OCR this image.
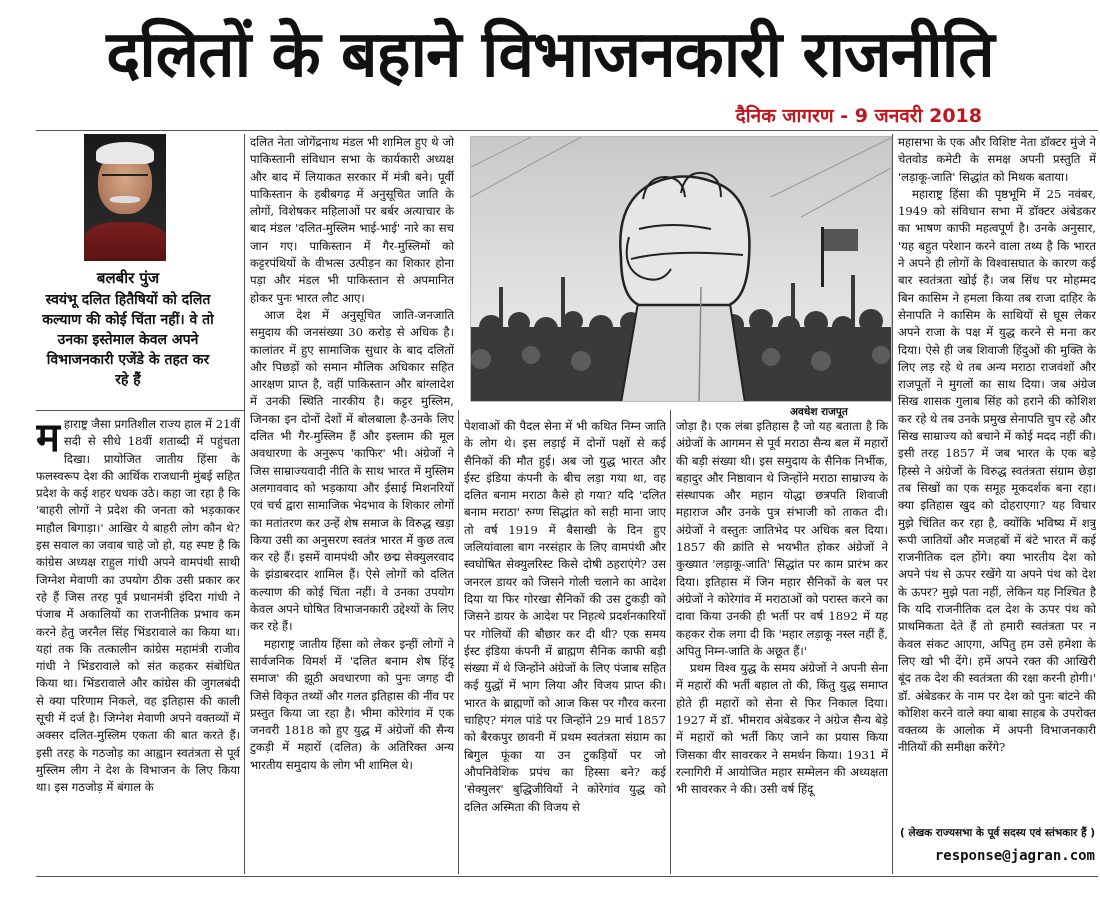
दलितों के बहाने विभाजनकारी राजनीति
दैनिक जागरण - 9 जनवरी 2018
बलबीर पुंज
स्वयंभू दलित हितैषियों को दलित कल्याण की कोई चिंता नहीं। वे तो उनका इस्तेमाल केवल अपने विभाजनकारी एजेंडे के तहत कर रहे हैं
अवधेश राजपूत

महाराष्ट्र जैसा प्रगतिशील राज्य हाल में 21वीं सदी से सीधे 18वीं शताब्दी में पहुंचता दिखा। प्रायोजित जातीय हिंसा के फलस्वरूप देश की आर्थिक राजधानी मुंबई सहित प्रदेश के कई शहर धधक उठे। कहा जा रहा है कि 'बाहरी लोगों ने प्रदेश की जनता को भड़काकर माहौल बिगाड़ा।' आखिर ये बाहरी लोग कौन थे? इस सवाल का जवाब चाहे जो हो, यह स्पष्ट है कि कांग्रेस अध्यक्ष राहुल गांधी अपने वामपंथी साथी जिग्नेश मेवाणी का उपयोग ठीक उसी प्रकार कर रहे हैं जिस तरह पूर्व प्रधानमंत्री इंदिरा गांधी ने पंजाब में अकालियों का राजनीतिक प्रभाव कम करने हेतु जरनैल सिंह भिंडरावाले का किया था। यहां तक कि तत्कालीन कांग्रेस महामंत्री राजीव गांधी ने भिंडरावाले को संत कहकर संबोधित किया था। भिंडरावाले और कांग्रेस की जुगलबंदी से क्या परिणाम निकले, वह इतिहास की काली सूची में दर्ज है। जिग्नेश मेवाणी अपने वक्तव्यों में अक्सर दलित-मुस्लिम एकता की बात करते हैं। इसी तरह के गठजोड़ का आह्वान स्वतंत्रता से पूर्व मुस्लिम लीग ने देश के विभाजन के लिए किया था। इस गठजोड़ में बंगाल के

दलित नेता जोगेंद्रनाथ मंडल भी शामिल हुए थे जो पाकिस्तानी संविधान सभा के कार्यकारी अध्यक्ष और बाद में लियाकत सरकार में मंत्री बने। पूर्वी पाकिस्तान के हबीबगढ़ में अनुसूचित जाति के लोगों, विशेषकर महिलाओं पर बर्बर अत्याचार के बाद मंडल 'दलित-मुस्लिम भाई-भाई' नारे का सच जान गए। पाकिस्तान में गैर-मुस्लिमों को कट्टरपंथियों के वीभत्स उत्पीड़न का शिकार होना पड़ा और मंडल भी पाकिस्तान से अपमानित होकर पुनः भारत लौट आए।

आज देश में अनुसूचित जाति-जनजाति समुदाय की जनसंख्या 30 करोड़ से अधिक है। कालांतर में हुए सामाजिक सुधार के बाद दलितों और पिछड़ों को समान मौलिक अधिकार सहित आरक्षण प्राप्त है, वहीं पाकिस्तान और बांग्लादेश में उनकी स्थिति नारकीय है। कट्टर मुस्लिम, जिनका इन दोनों देशों में बोलबाला है-उनके लिए दलित भी गैर-मुस्लिम हैं और इस्लाम की मूल अवधारणा के अनुरूप 'काफिर' भी। अंग्रेजों ने जिस साम्राज्यवादी नीति के साथ भारत में मुस्लिम अलगाववाद को भड़काया और ईसाई मिशनरियों एवं चर्च द्वारा सामाजिक भेदभाव के शिकार लोगों का मतांतरण कर उन्हें शेष समाज के विरुद्ध खड़ा किया उसी का अनुसरण स्वतंत्र भारत में कुछ तत्व कर रहे हैं। इसमें वामपंथी और छद्म सेक्युलरवाद के झंडाबरदार शामिल हैं। ऐसे लोगों को दलित कल्याण की कोई चिंता नहीं। वे उनका उपयोग केवल अपने घोषित विभाजनकारी उद्देश्यों के लिए कर रहे हैं।

महाराष्ट्र जातीय हिंसा को लेकर इन्हीं लोगों ने सार्वजनिक विमर्श में 'दलित बनाम शेष हिंदू समाज' की झूठी अवधारणा को पुनः जगह दी जिसे विकृत तथ्यों और गलत इतिहास की नींव पर प्रस्तुत किया जा रहा है। भीमा कोरेगांव में एक जनवरी 1818 को हुए युद्ध में अंग्रेजों की सैन्य टुकड़ी में महारों (दलित) के अतिरिक्त अन्य भारतीय समुदाय के लोग भी शामिल थे।

पेशवाओं की पैदल सेना में भी कथित निम्न जाति के लोग थे। इस लड़ाई में दोनों पक्षों से कई सैनिकों की मौत हुई। अब जो युद्ध भारत और ईस्ट इंडिया कंपनी के बीच लड़ा गया था, वह दलित बनाम मराठा कैसे हो गया? यदि 'दलित बनाम मराठा' रुग्ण सिद्धांत को सही माना जाए तो वर्ष 1919 में बैसाखी के दिन हुए जलियांवाला बाग नरसंहार के लिए वामपंथी और स्वघोषित सेक्युलरिस्ट किसे दोषी ठहराएंगे? उस जनरल डायर को जिसने गोली चलाने का आदेश दिया या फिर गोरखा सैनिकों की उस टुकड़ी को जिसने डायर के आदेश पर निहत्थे प्रदर्शनकारियों पर गोलियों की बौछार कर दी थी? एक समय ईस्ट इंडिया कंपनी में ब्राह्मण सैनिक काफी बड़ी संख्या में थे जिन्होंने अंग्रेजों के लिए पंजाब सहित कई युद्धों में भाग लिया और विजय प्राप्त की। भारत के ब्राह्मणों को आज किस पर गौरव करना चाहिए? मंगल पांडे पर जिन्होंने 29 मार्च 1857 को बैरकपुर छावनी में प्रथम स्वतंत्रता संग्राम का बिगुल फूंका या उन टुकड़ियों पर जो औपनिवेशिक प्रपंच का हिस्सा बने? कई 'सेक्युलर' बुद्धिजीवियों ने कोरेगांव युद्ध को दलित अस्मिता की विजय से

जोड़ा है। एक लंबा इतिहास है जो यह बताता है कि अंग्रेजों के आगमन से पूर्व मराठा सैन्य बल में महारों की बड़ी संख्या थी। इस समुदाय के सैनिक निर्भीक, बहादुर और निष्ठावान थे जिन्होंने मराठा साम्राज्य के संस्थापक और महान योद्धा छत्रपति शिवाजी महाराज और उनके पुत्र संभाजी को ताकत दी। अंग्रेजों ने वस्तुतः जातिभेद पर अधिक बल दिया। 1857 की क्रांति से भयभीत होकर अंग्रेजों ने कुख्यात 'लड़ाकू-जाति' सिद्धांत पर काम प्रारंभ कर दिया। इतिहास में जिन महार सैनिकों के बल पर अंग्रेजों ने कोरेगांव में मराठाओं को परास्त करने का दावा किया उनकी ही भर्ती पर वर्ष 1892 में यह कहकर रोक लगा दी कि 'महार लड़ाकू नस्ल नहीं हैं, अपितु निम्न-जाति के अछूत हैं।'

प्रथम विश्व युद्ध के समय अंग्रेजों ने अपनी सेना में महारों की भर्ती बहाल तो की, किंतु युद्ध समाप्त होते ही महारों को सेना से फिर निकाल दिया। 1927 में डॉ. भीमराव अंबेडकर ने अंग्रेज सैन्य बेड़े में महारों को भर्ती किए जाने का प्रयास किया जिसका वीर सावरकर ने समर्थन किया। 1931 में रत्नागिरी में आयोजित महार सम्मेलन की अध्यक्षता भी सावरकर ने की। उसी वर्ष हिंदू

महासभा के एक और विशिष्ट नेता डॉक्टर मुंजे ने चेतवोड कमेटी के समक्ष अपनी प्रस्तुति में 'लड़ाकू-जाति' सिद्धांत को मिथक बताया।

महाराष्ट्र हिंसा की पृष्ठभूमि में 25 नवंबर, 1949 को संविधान सभा में डॉक्टर अंबेडकर का भाषण काफी महत्वपूर्ण है। उनके अनुसार, 'यह बहुत परेशान करने वाला तथ्य है कि भारत ने अपने ही लोगों के विश्वासघात के कारण कई बार स्वतंत्रता खोई है। जब सिंध पर मोहम्मद बिन कासिम ने हमला किया तब राजा दाहिर के सेनापति ने कासिम के साथियों से घूस लेकर अपने राजा के पक्ष में युद्ध करने से मना कर दिया। ऐसे ही जब शिवाजी हिंदुओं की मुक्ति के लिए लड़ रहे थे तब अन्य मराठा राजवंशों और राजपूतों ने मुगलों का साथ दिया। जब अंग्रेज सिख शासक गुलाब सिंह को हराने की कोशिश कर रहे थे तब उनके प्रमुख सेनापति चुप रहे और सिख साम्राज्य को बचाने में कोई मदद नहीं की। इसी तरह 1857 में जब भारत के एक बड़े हिस्से ने अंग्रेजों के विरुद्ध स्वतंत्रता संग्राम छेड़ा तब सिखों का एक समूह मूकदर्शक बना रहा। क्या इतिहास खुद को दोहराएगा? यह विचार मुझे चिंतित कर रहा है, क्योंकि भविष्य में शत्रु रूपी जातियों और मजहबों में बंटे भारत में कई राजनीतिक दल होंगे। क्या भारतीय देश को अपने पंथ से ऊपर रखेंगे या अपने पंथ को देश के ऊपर? मुझे पता नहीं, लेकिन यह निश्चित है कि यदि राजनीतिक दल देश के ऊपर पंथ को प्राथमिकता देते हैं तो हमारी स्वतंत्रता पर न केवल संकट आएगा, अपितु हम उसे हमेशा के लिए खो भी देंगे। हमें अपने रक्त की आखिरी बूंद तक देश की स्वतंत्रता की रक्षा करनी होगी।' डॉ. अंबेडकर के नाम पर देश को पुनः बांटने की कोशिश करने वाले क्या बाबा साहब के उपरोक्त वक्तव्य के आलोक में अपनी विभाजनकारी नीतियों की समीक्षा करेंगे?

( लेखक राज्यसभा के पूर्व सदस्य एवं स्तंभकार हैं )
response@jagran.com
